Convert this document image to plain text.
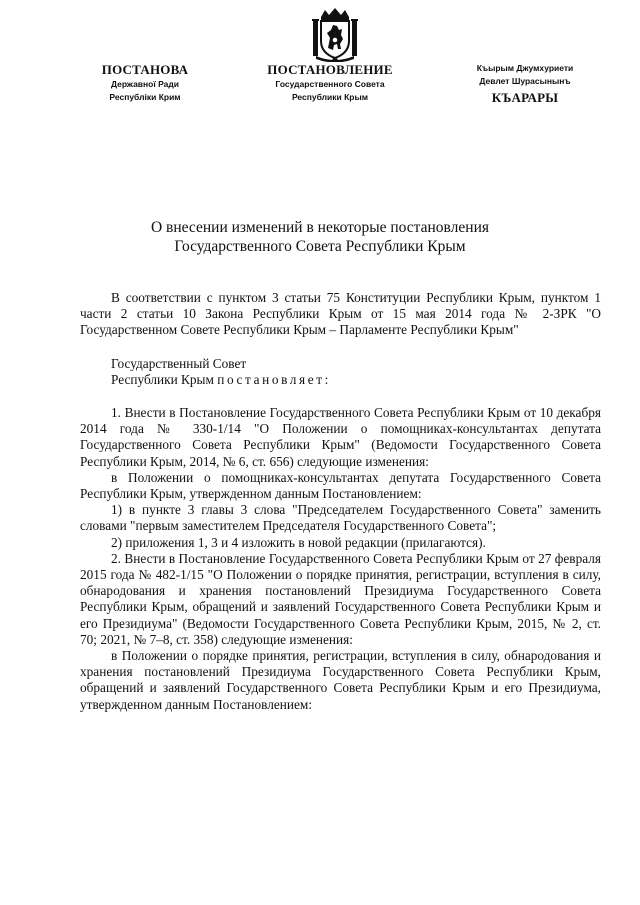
ПОСТАНОВА
Державної Ради
Республіки Крим
ПОСТАНОВЛЕНИЕ
Государственного Совета
Республики Крым
Къырым Джумхуриети
Девлет Шурасынынъ
КЪАРАРЫ
О внесении изменений в некоторые постановления
Государственного Совета Республики Крым

В соответствии с пунктом 3 статьи 75 Конституции Республики Крым, пунктом 1 части 2 статьи 10 Закона Республики Крым от 15 мая 2014 года № 2-ЗРК "О Государственном Совете Республики Крым – Парламенте Республики Крым"

Государственный Совет

Республики Крым постановляет:

1. Внести в Постановление Государственного Совета Республики Крым от 10 декабря 2014 года № 330-1/14 "О Положении о помощниках-консультантах депутата Государственного Совета Республики Крым" (Ведомости Государственного Совета Республики Крым, 2014, № 6, ст. 656) следующие изменения:

в Положении о помощниках-консультантах депутата Государственного Совета Республики Крым, утвержденном данным Постановлением:

1) в пункте 3 главы 3 слова "Председателем Государственного Совета" заменить словами "первым заместителем Председателя Государственного Совета";

2) приложения 1, 3 и 4 изложить в новой редакции (прилагаются).

2. Внести в Постановление Государственного Совета Республики Крым от 27 февраля 2015 года № 482-1/15 "О Положении о порядке принятия, регистрации, вступления в силу, обнародования и хранения постановлений Президиума Государственного Совета Республики Крым, обращений и заявлений Государственного Совета Республики Крым и его Президиума" (Ведомости Государственного Совета Республики Крым, 2015, № 2, ст. 70; 2021, № 7–8, ст. 358) следующие изменения:

в Положении о порядке принятия, регистрации, вступления в силу, обнародования и хранения постановлений Президиума Государственного Совета Республики Крым, обращений и заявлений Государственного Совета Республики Крым и его Президиума, утвержденном данным Постановлением:
